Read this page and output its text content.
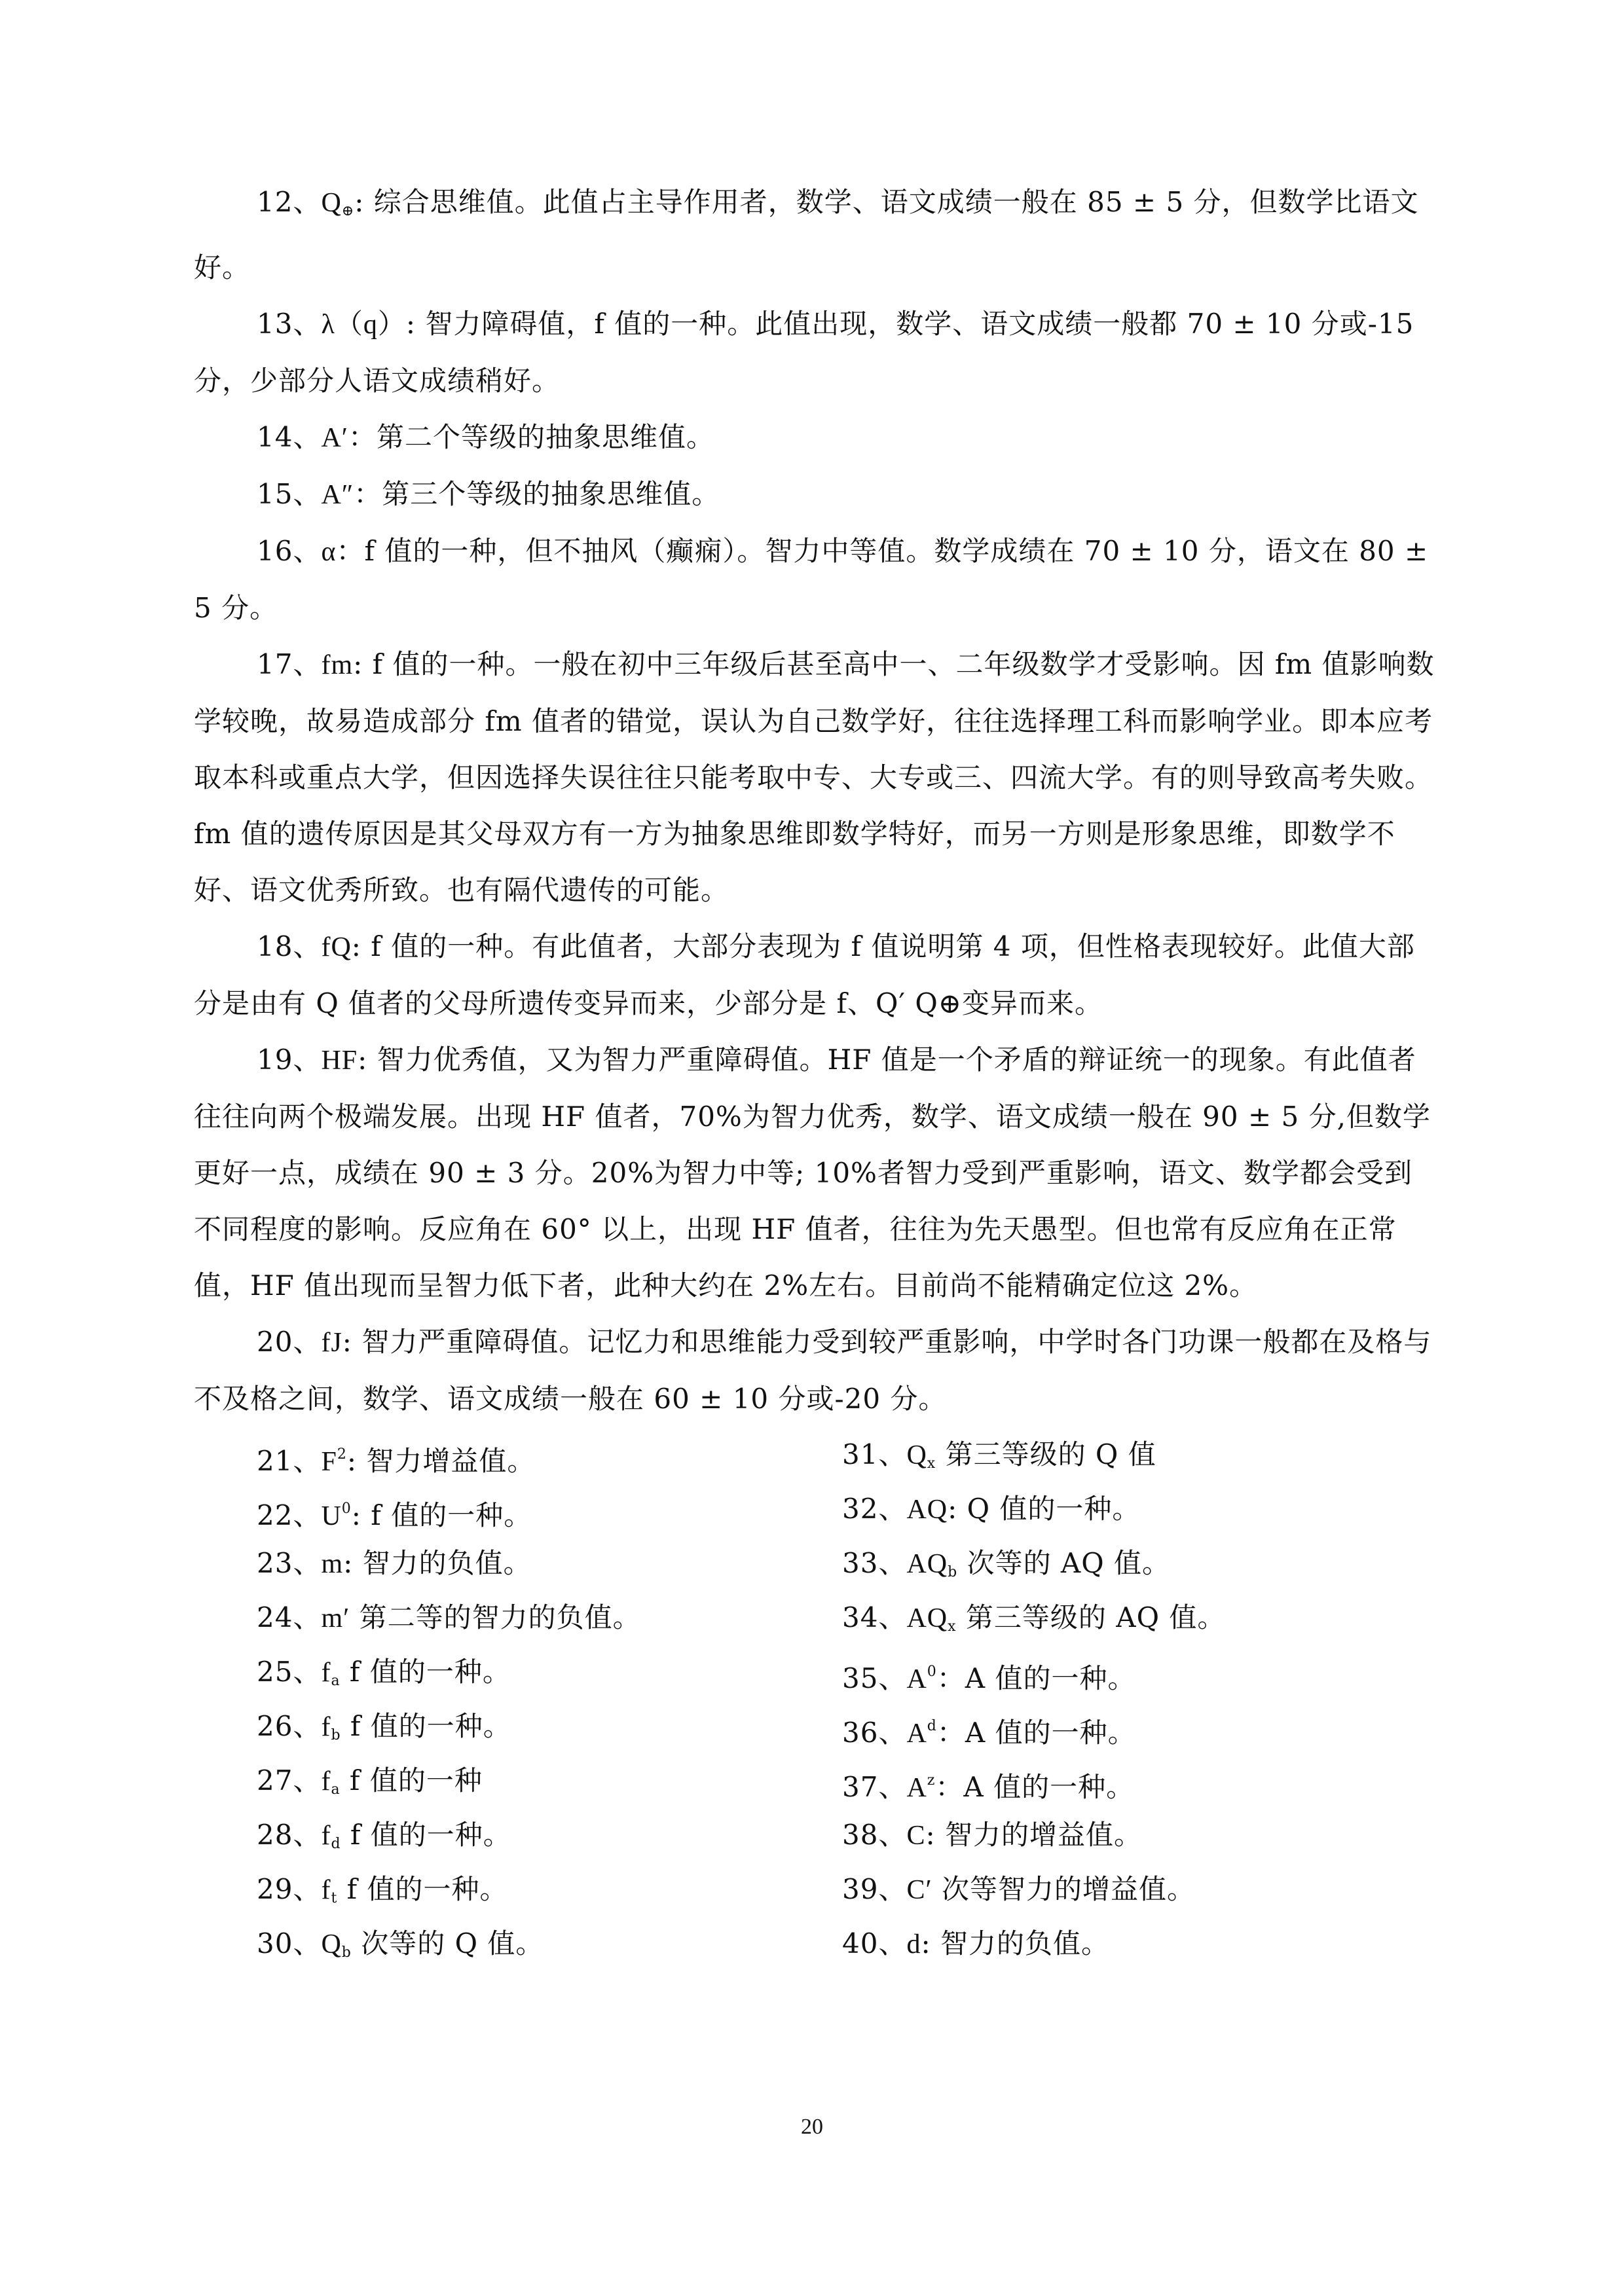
12、$Q_\oplus$: 综合思维值。此值占主导作用者，数学、语文成绩一般在 85 ± 5 分，但数学比语文好。

13、λ（q）: 智力障碍值，f 值的一种。此值出现，数学、语文成绩一般都 70 ± 10 分或-15 分，少部分人语文成绩稍好。

14、A′：第二个等级的抽象思维值。

15、A″：第三个等级的抽象思维值。

16、α：f 值的一种，但不抽风（癫痫）。智力中等值。数学成绩在 70 ± 10 分，语文在 80 ± 5 分。

17、fm: f 值的一种。一般在初中三年级后甚至高中一、二年级数学才受影响。因 fm 值影响数学较晚，故易造成部分 fm 值者的错觉，误认为自己数学好，往往选择理工科而影响学业。即本应考取本科或重点大学，但因选择失误往往只能考取中专、大专或三、四流大学。有的则导致高考失败。fm 值的遗传原因是其父母双方有一方为抽象思维即数学特好，而另一方则是形象思维，即数学不好、语文优秀所致。也有隔代遗传的可能。

18、fQ: f 值的一种。有此值者，大部分表现为 f 值说明第 4 项，但性格表现较好。此值大部分是由有 Q 值者的父母所遗传变异而来，少部分是 f、Q′ Q⊕变异而来。

19、HF: 智力优秀值，又为智力严重障碍值。HF 值是一个矛盾的辩证统一的现象。有此值者往往向两个极端发展。出现 HF 值者，70%为智力优秀，数学、语文成绩一般在 90 ± 5 分,但数学更好一点，成绩在 90 ± 3 分。20%为智力中等; 10%者智力受到严重影响，语文、数学都会受到不同程度的影响。反应角在 60° 以上，出现 HF 值者，往往为先天愚型。但也常有反应角在正常值，HF 值出现而呈智力低下者，此种大约在 2%左右。目前尚不能精确定位这 2%。

20、fJ: 智力严重障碍值。记忆力和思维能力受到较严重影响，中学时各门功课一般都在及格与不及格之间，数学、语文成绩一般在 60 ± 10 分或-20 分。

21、$F^2$: 智力增益值。
22、$U^0$: f 值的一种。
23、m: 智力的负值。
24、m′ 第二等的智力的负值。
25、$f_a$ f 值的一种。
26、$f_b$ f 值的一种。
27、$f_a$ f 值的一种
28、$f_d$ f 值的一种。
29、$f_t$ f 值的一种。
30、$Q_b$ 次等的 Q 值。
31、$Q_x$ 第三等级的 Q 值
32、AQ: Q 值的一种。
33、$AQ_b$ 次等的 AQ 值。
34、$AQ_x$ 第三等级的 AQ 值。
35、$A^0$：A 值的一种。
36、$A^d$：A 值的一种。
37、$A^z$：A 值的一种。
38、C: 智力的增益值。
39、C′ 次等智力的增益值。
40、d: 智力的负值。
20
